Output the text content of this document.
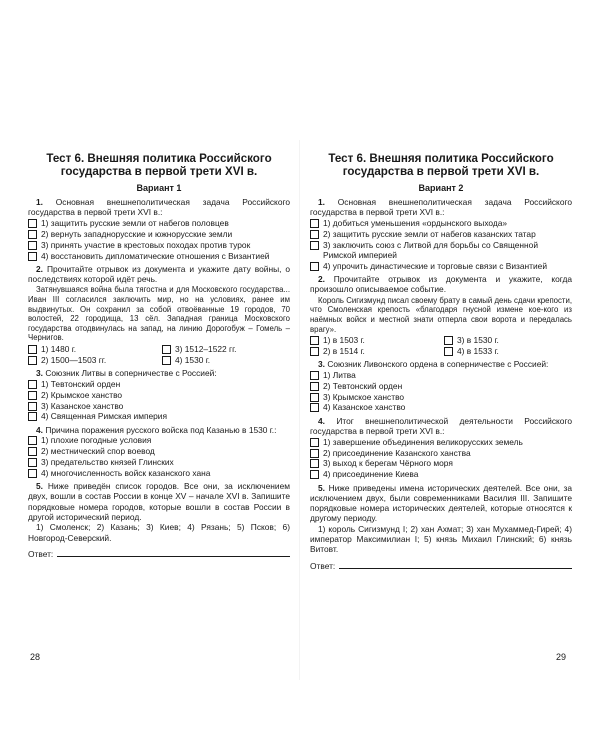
Тест 6. Внешняя политика Российского государства в первой трети XVI в.
Вариант 1
1. Основная внешнеполитическая задача Российского государства в первой трети XVI в.:
1) защитить русские земли от набегов половцев
2) вернуть западнорусские и южнорусские земли
3) принять участие в крестовых походах против турок
4) восстановить дипломатические отношения с Византией
2. Прочитайте отрывок из документа и укажите дату войны, о последствиях которой идёт речь.
Затянувшаяся война была тягостна и для Московского государства... Иван III согласился заключить мир, но на условиях, ранее им выдвинутых. Он сохранил за собой отвоёванные 19 городов, 70 волостей, 22 городища, 13 сёл. Западная граница Московского государства отодвинулась на запад, на линию Дорогобуж – Гомель – Чернигов.
1) 1480 г.	3) 1512–1522 гг.
2) 1500—1503 гг.	4) 1530 г.
3. Союзник Литвы в соперничестве с Россией:
1) Тевтонский орден
2) Крымское ханство
3) Казанское ханство
4) Священная Римская империя
4. Причина поражения русского войска под Казанью в 1530 г.:
1) плохие погодные условия
2) местнический спор воевод
3) предательство князей Глинских
4) многочисленность войск казанского хана
5. Ниже приведён список городов. Все они, за исключением двух, вошли в состав России в конце XV – начале XVI в. Запишите порядковые номера городов, которые вошли в состав России в другой исторический период.
1) Смоленск; 2) Казань; 3) Киев; 4) Рязань; 5) Псков; 6) Новгород-Северский.
Ответ:
28
Тест 6. Внешняя политика Российского государства в первой трети XVI в.
Вариант 2
1. Основная внешнеполитическая задача Российского государства в первой трети XVI в.:
1) добиться уменьшения «ордынского выхода»
2) защитить русские земли от набегов казанских татар
3) заключить союз с Литвой для борьбы со Священной Римской империей
4) упрочить династические и торговые связи с Византией
2. Прочитайте отрывок из документа и укажите, когда произошло описываемое событие.
Король Сигизмунд писал своему брату в самый день сдачи крепости, что Смоленская крепость «благодаря гнусной измене кое-кого из наёмных войск и местной знати отперла свои ворота и передалась врагу».
1) в 1503 г.	3) в 1530 г.
2) в 1514 г.	4) в 1533 г.
3. Союзник Ливонского ордена в соперничестве с Россией:
1) Литва
2) Тевтонский орден
3) Крымское ханство
4) Казанское ханство
4. Итог внешнеполитической деятельности Российского государства в первой трети XVI в.:
1) завершение объединения великорусских земель
2) присоединение Казанского ханства
3) выход к берегам Чёрного моря
4) присоединение Киева
5. Ниже приведены имена исторических деятелей. Все они, за исключением двух, были современниками Василия III. Запишите порядковые номера исторических деятелей, которые относятся к другому периоду.
1) король Сигизмунд I; 2) хан Ахмат; 3) хан Мухаммед-Гирей; 4) император Максимилиан I; 5) князь Михаил Глинский; 6) князь Витовт.
Ответ:
29
